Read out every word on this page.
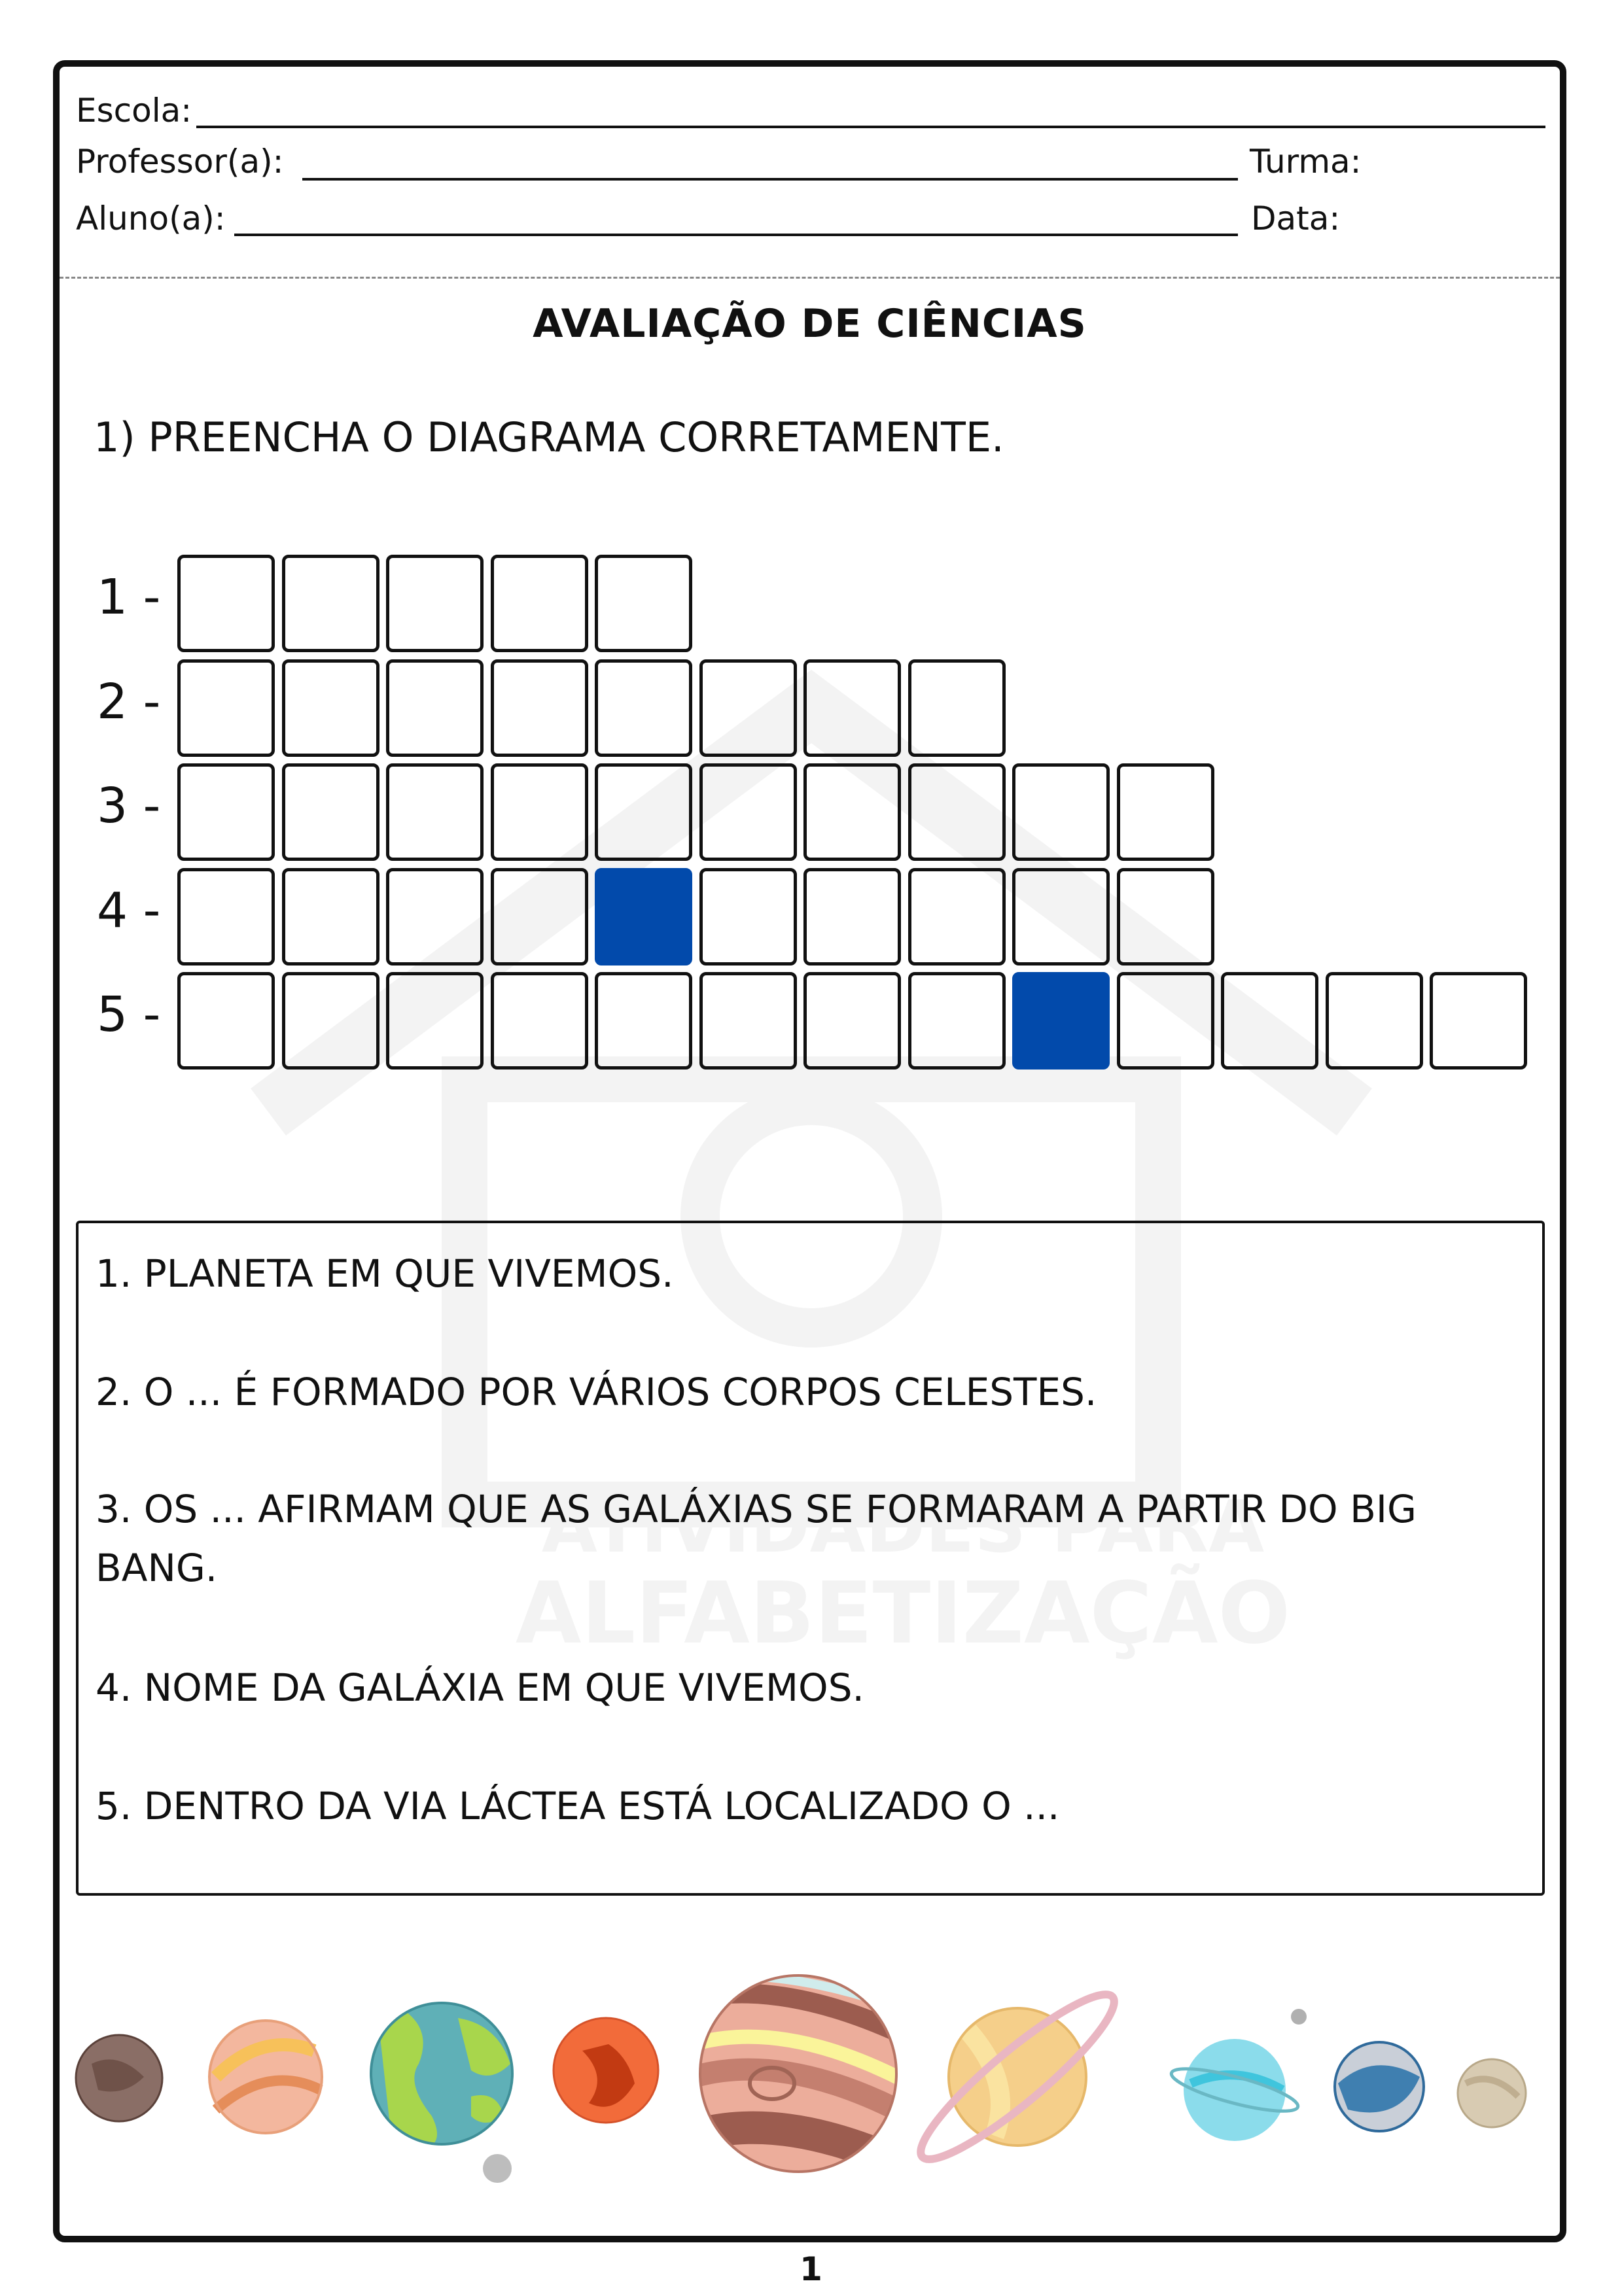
Escola:
Professor(a):	Turma:
Aluno(a):	Data:
AVALIAÇÃO DE CIÊNCIAS
1) PREENCHA O DIAGRAMA CORRETAMENTE.
1 -
2 -
3 -
4 -
5 -
1. PLANETA EM QUE VIVEMOS.
2. O ... É FORMADO POR VÁRIOS CORPOS CELESTES.
3. OS ... AFIRMAM QUE AS GALÁXIAS SE FORMARAM A PARTIR DO BIG BANG.
4. NOME DA GALÁXIA EM QUE VIVEMOS.
5. DENTRO DA VIA LÁCTEA ESTÁ LOCALIZADO O ...
1
